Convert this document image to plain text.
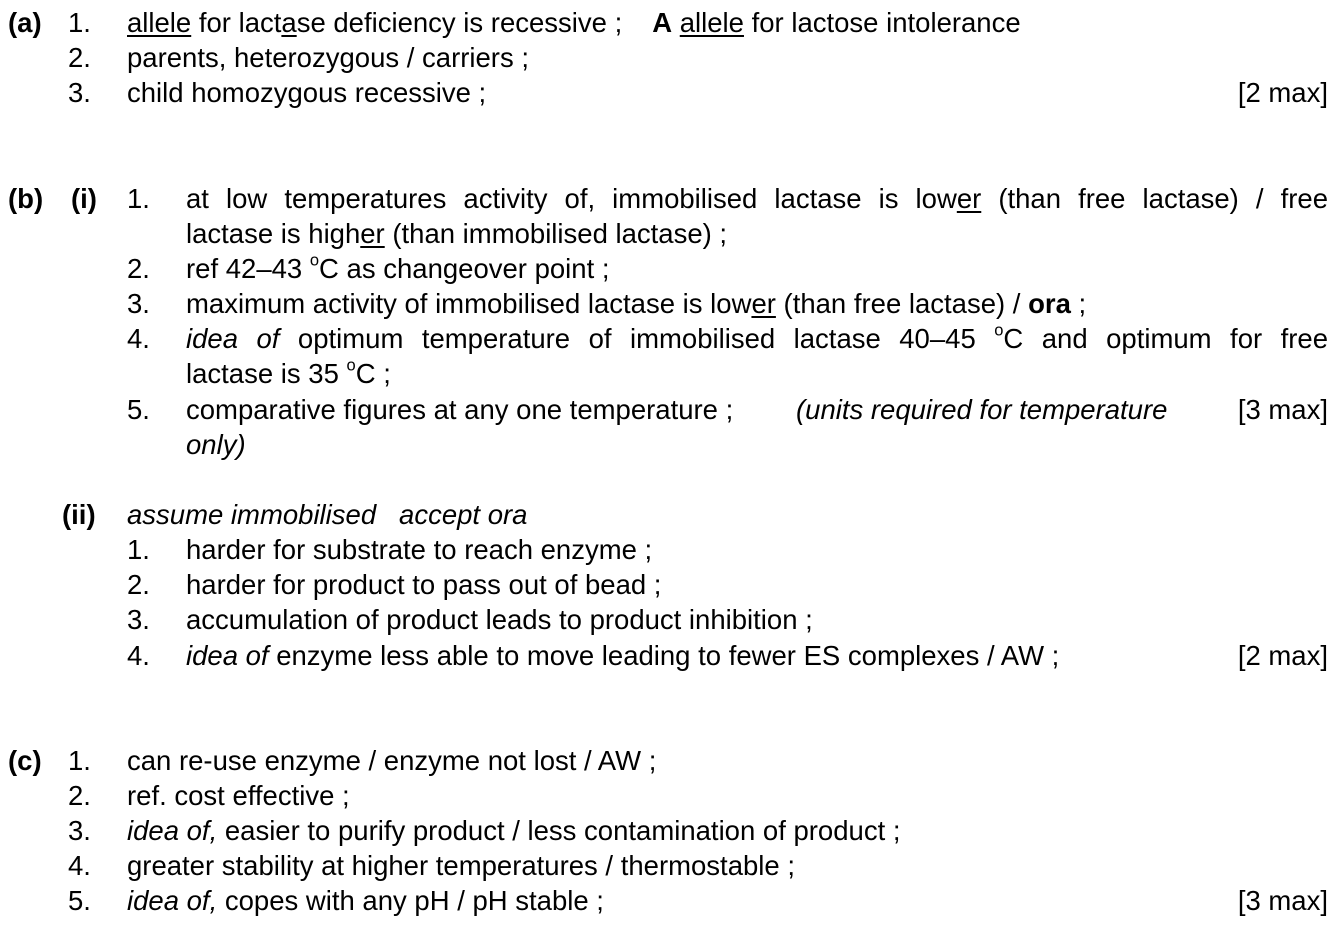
(a) 1. allele for lactase deficiency is recessive ; A allele for lactose intolerance
2. parents, heterozygous / carriers ;
3. child homozygous recessive ;	[2 max]
(b) (i) 1. at low temperatures activity of, immobilised lactase is lower (than free lactase) / free
lactase is higher (than immobilised lactase) ;
2. ref 42–43 $^o$C as changeover point ;
3. maximum activity of immobilised lactase is lower (than free lactase) / ora ;
4. idea of optimum temperature of immobilised lactase 40–45 $^o$C and optimum for free
lactase is 35 $^o$C ;
5. comparative figures at any one temperature ; (units required for temperature	[3 max]
only)
(ii) assume immobilised   accept ora
1. harder for substrate to reach enzyme ;
2. harder for product to pass out of bead ;
3. accumulation of product leads to product inhibition ;
4. idea of enzyme less able to move leading to fewer ES complexes / AW ;	[2 max]
(c) 1. can re-use enzyme / enzyme not lost / AW ;
2. ref. cost effective ;
3. idea of, easier to purify product / less contamination of product ;
4. greater stability at higher temperatures / thermostable ;
5. idea of, copes with any pH / pH stable ;	[3 max]
